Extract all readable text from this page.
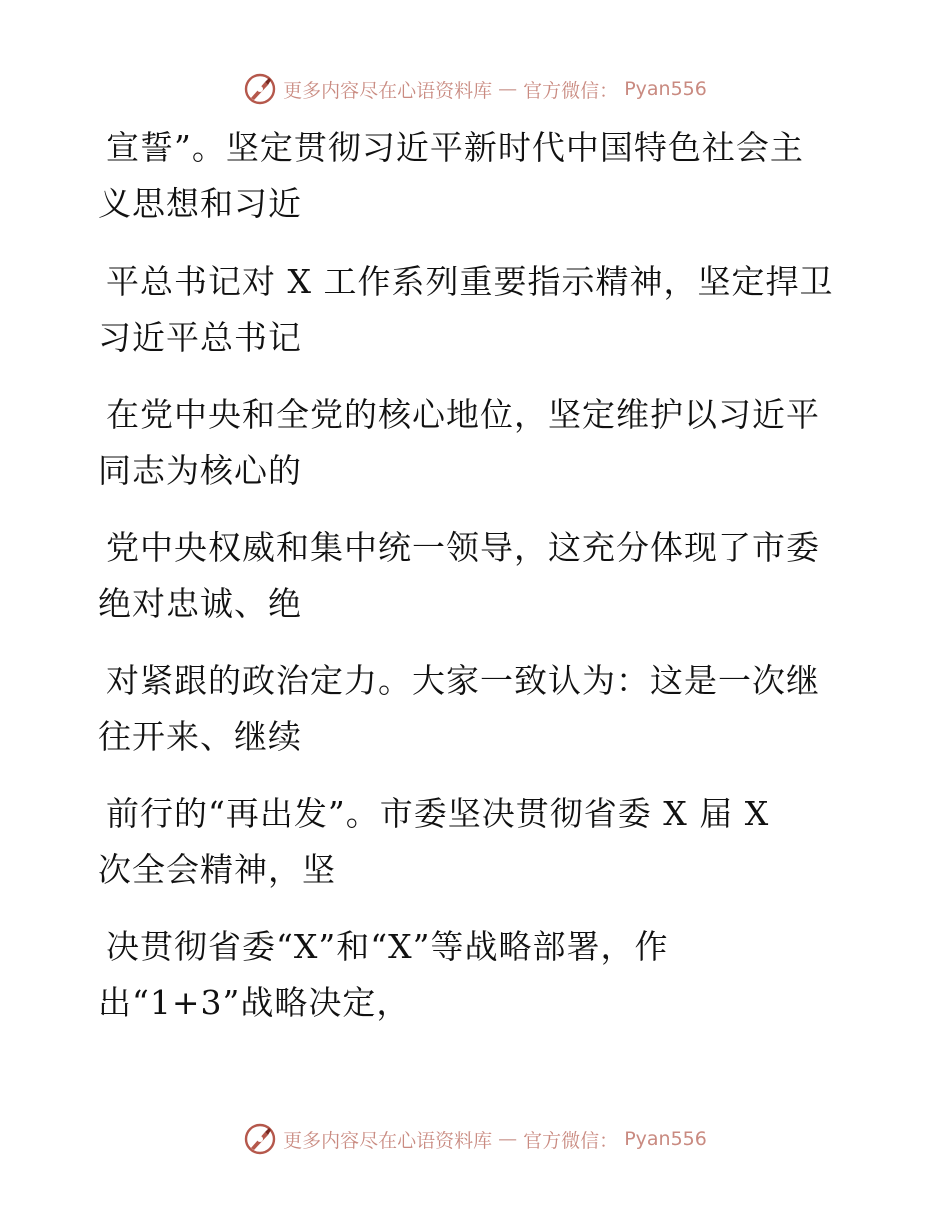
更多内容尽在心语资料库 — 官方微信： Pyan556
宣誓”。坚定贯彻习近平新时代中国特色社会主
义思想和习近
平总书记对 X 工作系列重要指示精神，坚定捍卫
习近平总书记
在党中央和全党的核心地位，坚定维护以习近平
同志为核心的
党中央权威和集中统一领导，这充分体现了市委
绝对忠诚、绝
对紧跟的政治定力。大家一致认为：这是一次继
往开来、继续
前行的“再出发”。市委坚决贯彻省委 X 届 X
次全会精神，坚
决贯彻省委“X”和“X”等战略部署，作
出“1+3”战略决定，
更多内容尽在心语资料库 — 官方微信： Pyan556
